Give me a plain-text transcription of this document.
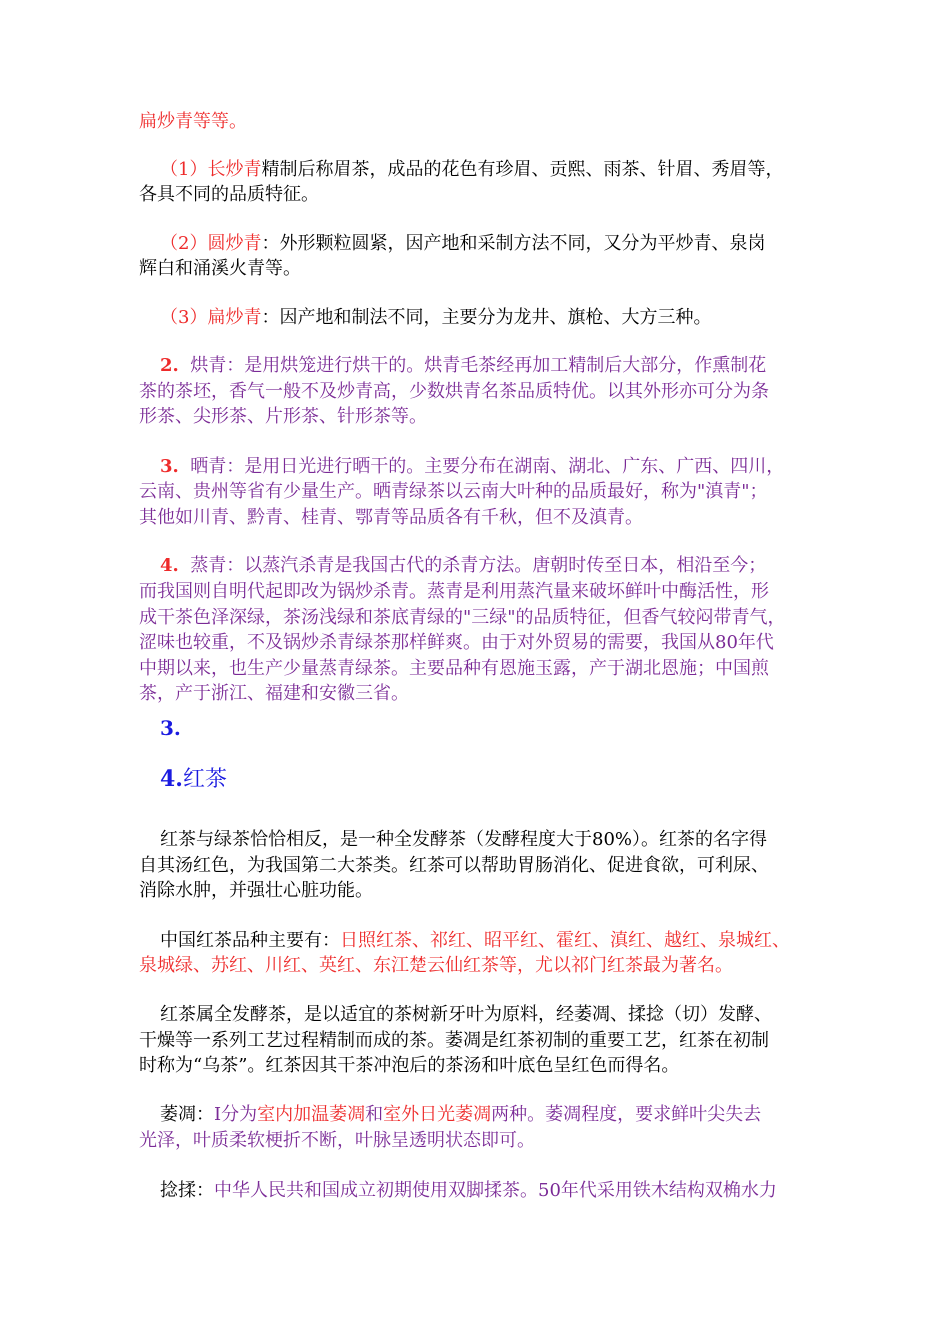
扁炒青等等。
（1）长炒青精制后称眉茶，成品的花色有珍眉、贡熙、雨茶、针眉、秀眉等，
各具不同的品质特征。
（2）圆炒青：外形颗粒圆紧，因产地和采制方法不同，又分为平炒青、泉岗
辉白和涌溪火青等。
（3）扁炒青：因产地和制法不同，主要分为龙井、旗枪、大方三种。
2. 烘青：是用烘笼进行烘干的。烘青毛茶经再加工精制后大部分，作熏制花
茶的茶坯，香气一般不及炒青高，少数烘青名茶品质特优。以其外形亦可分为条
形茶、尖形茶、片形茶、针形茶等。
3. 晒青：是用日光进行晒干的。主要分布在湖南、湖北、广东、广西、四川，
云南、贵州等省有少量生产。晒青绿茶以云南大叶种的品质最好，称为"滇青"；
其他如川青、黔青、桂青、鄂青等品质各有千秋，但不及滇青。
4. 蒸青：以蒸汽杀青是我国古代的杀青方法。唐朝时传至日本，相沿至今；
而我国则自明代起即改为锅炒杀青。蒸青是利用蒸汽量来破坏鲜叶中酶活性，形
成干茶色泽深绿，茶汤浅绿和茶底青绿的"三绿"的品质特征，但香气较闷带青气，
涩味也较重，不及锅炒杀青绿茶那样鲜爽。由于对外贸易的需要，我国从80年代
中期以来，也生产少量蒸青绿茶。主要品种有恩施玉露，产于湖北恩施；中国煎
茶，产于浙江、福建和安徽三省。
3.
4.红茶
红茶与绿茶恰恰相反，是一种全发酵茶（发酵程度大于80%）。红茶的名字得
自其汤红色，为我国第二大茶类。红茶可以帮助胃肠消化、促进食欲，可利尿、
消除水肿，并强壮心脏功能。
中国红茶品种主要有：日照红茶、祁红、昭平红、霍红、滇红、越红、泉城红、
泉城绿、苏红、川红、英红、东江楚云仙红茶等，尤以祁门红茶最为著名。
红茶属全发酵茶，是以适宜的茶树新牙叶为原料，经萎凋、揉捻（切）发酵、
干燥等一系列工艺过程精制而成的茶。萎凋是红茶初制的重要工艺，红茶在初制
时称为“乌茶”。红茶因其干茶冲泡后的茶汤和叶底色呈红色而得名。
萎凋：Ⅰ分为室内加温萎凋和室外日光萎凋两种。萎凋程度，要求鲜叶尖失去
光泽，叶质柔软梗折不断，叶脉呈透明状态即可。
捻揉：中华人民共和国成立初期使用双脚揉茶。50年代采用铁木结构双桷水力
